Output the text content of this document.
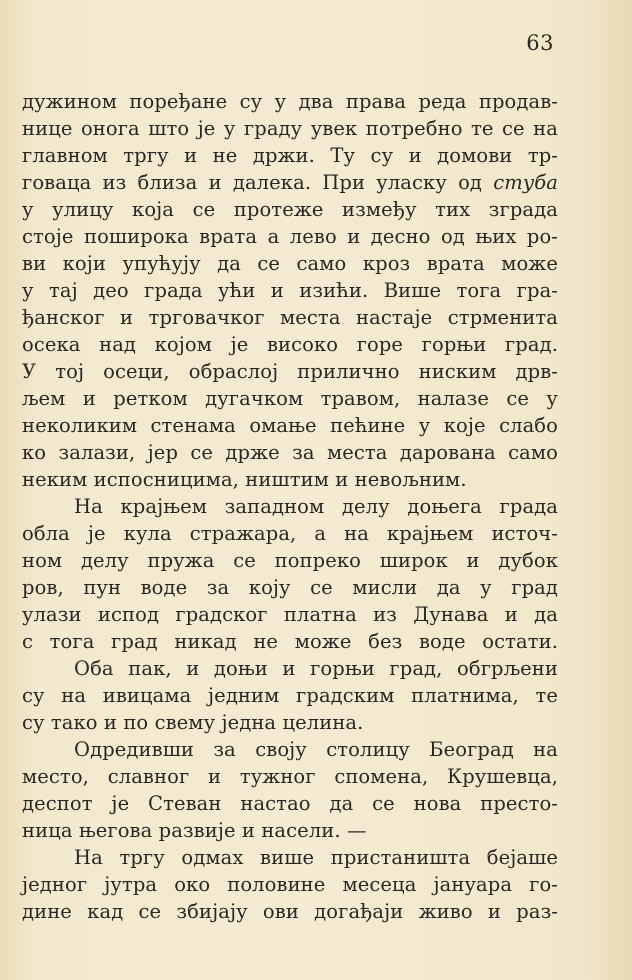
63
дужином поређане су у два права реда продав-
нице онога што је у граду увек потребно те се на
главном тргу и не држи. Ту су и домови тр-
говаца из близа и далека. При уласку од стуба
у улицу која се протеже између тих зграда
стоје поширока врата а лево и десно од њих ро-
ви који упућују да се само кроз врата може
у тај део града ући и изићи. Више тога гра-
ђанског и трговачког места настаје стрменита
осека над којом је високо горе горњи град.
У тој осеци, обраслој прилично ниским дрв-
љем и ретком дугачком травом, налазе се у
неколиким стенама омање пећине у које слабо
ко залази, јер се држе за места дарована само
неким испосницима, ништим и невољним.
На крајњем западном делу доњега града
обла је кула стражара, а на крајњем источ-
ном делу пружа се попреко широк и дубок
ров, пун воде за коју се мисли да у град
улази испод градског платна из Дунава и да
с тога град никад не може без воде остати.
Оба пак, и доњи и горњи град, обгрљени
су на ивицама једним градским платнима, те
су тако и по свему једна целина.
Одредивши за своју столицу Београд на
место, славног и тужног спомена, Крушевца,
деспот је Стеван настао да се нова престо-
ница његова развије и насели. —
На тргу одмах више пристаништа бејаше
једног јутра око половине месеца јануара го-
дине кад се збијају ови догађаји живо и раз-
